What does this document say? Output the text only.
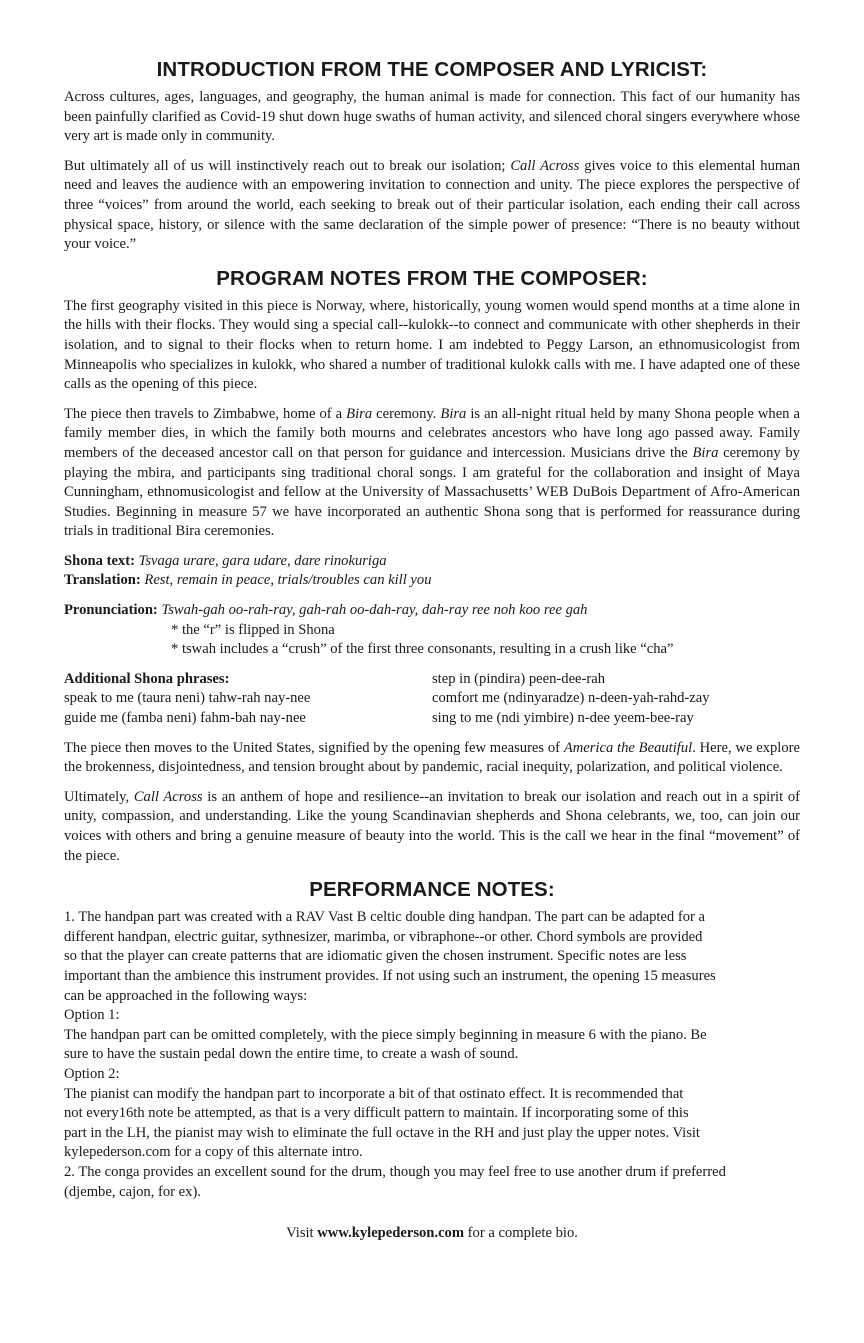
INTRODUCTION FROM THE COMPOSER AND LYRICIST:

Across cultures, ages, languages, and geography, the human animal is made for connection. This fact of our humanity has been painfully clarified as Covid-19 shut down huge swaths of human activity, and silenced choral singers everywhere whose very art is made only in community.

But ultimately all of us will instinctively reach out to break our isolation; Call Across gives voice to this elemental human need and leaves the audience with an empowering invitation to connection and unity. The piece explores the perspective of three “voices” from around the world, each seeking to break out of their particular isolation, each ending their call across physical space, history, or silence with the same declaration of the simple power of presence: “There is no beauty without your voice.”

PROGRAM NOTES FROM THE COMPOSER:

The first geography visited in this piece is Norway, where, historically, young women would spend months at a time alone in the hills with their flocks. They would sing a special call--kulokk--to connect and communicate with other shepherds in their isolation, and to signal to their flocks when to return home. I am indebted to Peggy Larson, an ethnomusicologist from Minneapolis who specializes in kulokk, who shared a number of traditional kulokk calls with me. I have adapted one of these calls as the opening of this piece.

The piece then travels to Zimbabwe, home of a Bira ceremony. Bira is an all-night ritual held by many Shona people when a family member dies, in which the family both mourns and celebrates ancestors who have long ago passed away. Family members of the deceased ancestor call on that person for guidance and intercession. Musicians drive the Bira ceremony by playing the mbira, and participants sing traditional choral songs. I am grateful for the collaboration and insight of Maya Cunningham, ethnomusicologist and fellow at the University of Massachusetts’ WEB DuBois Department of Afro-American Studies. Beginning in measure 57 we have incorporated an authentic Shona song that is performed for reassurance during trials in traditional Bira ceremonies.

Shona text: Tsvaga urare, gara udare, dare rinokuriga
Translation: Rest, remain in peace, trials/troubles can kill you
Pronunciation: Tswah-gah oo-rah-ray, gah-rah oo-dah-ray, dah-ray ree noh koo ree gah
* the “r” is flipped in Shona
* tswah includes a “crush” of the first three consonants, resulting in a crush like “cha”
Additional Shona phrases:
speak to me (taura neni) tahw-rah nay-nee
guide me (famba neni) fahm-bah nay-nee
step in (pindira) peen-dee-rah
comfort me (ndinyaradze) n-deen-yah-rahd-zay
sing to me (ndi yimbire) n-dee yeem-bee-ray

The piece then moves to the United States, signified by the opening few measures of America the Beautiful. Here, we explore the brokenness, disjointedness, and tension brought about by pandemic, racial inequity, polarization, and political violence.

Ultimately, Call Across is an anthem of hope and resilience--an invitation to break our isolation and reach out in a spirit of unity, compassion, and understanding. Like the young Scandinavian shepherds and Shona celebrants, we, too, can join our voices with others and bring a genuine measure of beauty into the world. This is the call we hear in the final “movement” of the piece.

PERFORMANCE NOTES:
1. The handpan part was created with a RAV Vast B celtic double ding handpan. The part can be adapted for a
different handpan, electric guitar, sythnesizer, marimba, or vibraphone--or other. Chord symbols are provided
so that the player can create patterns that are idiomatic given the chosen instrument. Specific notes are less
important than the ambience this instrument provides. If not using such an instrument, the opening 15 measures
can be approached in the following ways:
Option 1:
The handpan part can be omitted completely, with the piece simply beginning in measure 6 with the piano. Be
sure to have the sustain pedal down the entire time, to create a wash of sound.
Option 2:
The pianist can modify the handpan part to incorporate a bit of that ostinato effect. It is recommended that
not every16th note be attempted, as that is a very difficult pattern to maintain. If incorporating some of this
part in the LH, the pianist may wish to eliminate the full octave in the RH and just play the upper notes. Visit
kylepederson.com for a copy of this alternate intro.
2. The conga provides an excellent sound for the drum, though you may feel free to use another drum if preferred
(djembe, cajon, for ex).
Visit www.kylepederson.com for a complete bio.
